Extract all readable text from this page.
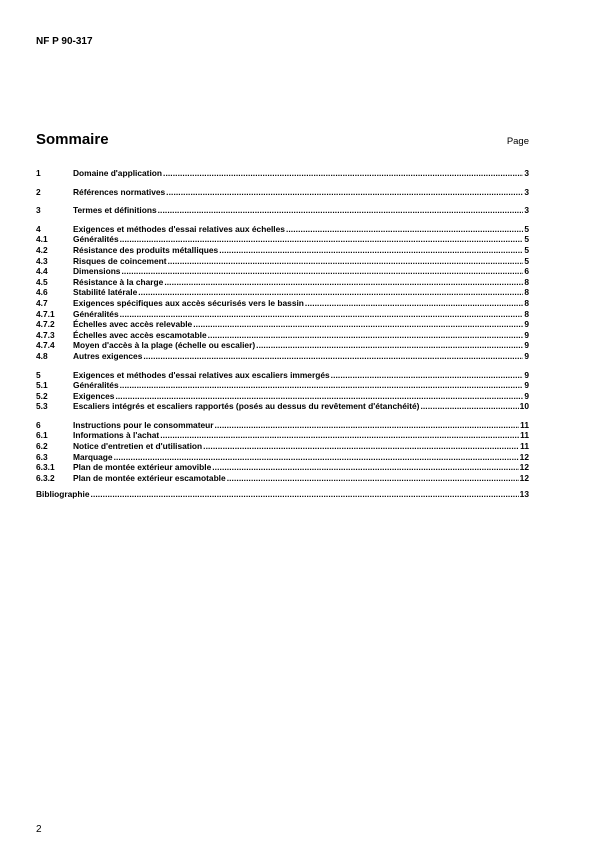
NF P 90-317
Sommaire	Page
1	Domaine d'application .....	3
2	Références normatives .....	3
3	Termes et définitions .....	3
4	Exigences et méthodes d'essai relatives aux échelles .....	5
4.1	Généralités .....	5
4.2	Résistance des produits métalliques .....	5
4.3	Risques de coincement .....	5
4.4	Dimensions .....	6
4.5	Résistance à la charge .....	8
4.6	Stabilité latérale .....	8
4.7	Exigences spécifiques aux accès sécurisés vers le bassin .....	8
4.7.1	Généralités .....	8
4.7.2	Échelles avec accès relevable .....	9
4.7.3	Échelles avec accès escamotable .....	9
4.7.4	Moyen d'accès à la plage (échelle ou escalier) .....	9
4.8	Autres exigences .....	9
5	Exigences et méthodes d'essai relatives aux escaliers immergés .....	9
5.1	Généralités .....	9
5.2	Exigences .....	9
5.3	Escaliers intégrés et escaliers rapportés (posés au dessus du revêtement d'étanchéité) .....	10
6	Instructions pour le consommateur .....	11
6.1	Informations à l'achat .....	11
6.2	Notice d'entretien et d'utilisation .....	11
6.3	Marquage .....	12
6.3.1	Plan de montée extérieur amovible .....	12
6.3.2	Plan de montée extérieur escamotable .....	12
Bibliographie .....	13
2
